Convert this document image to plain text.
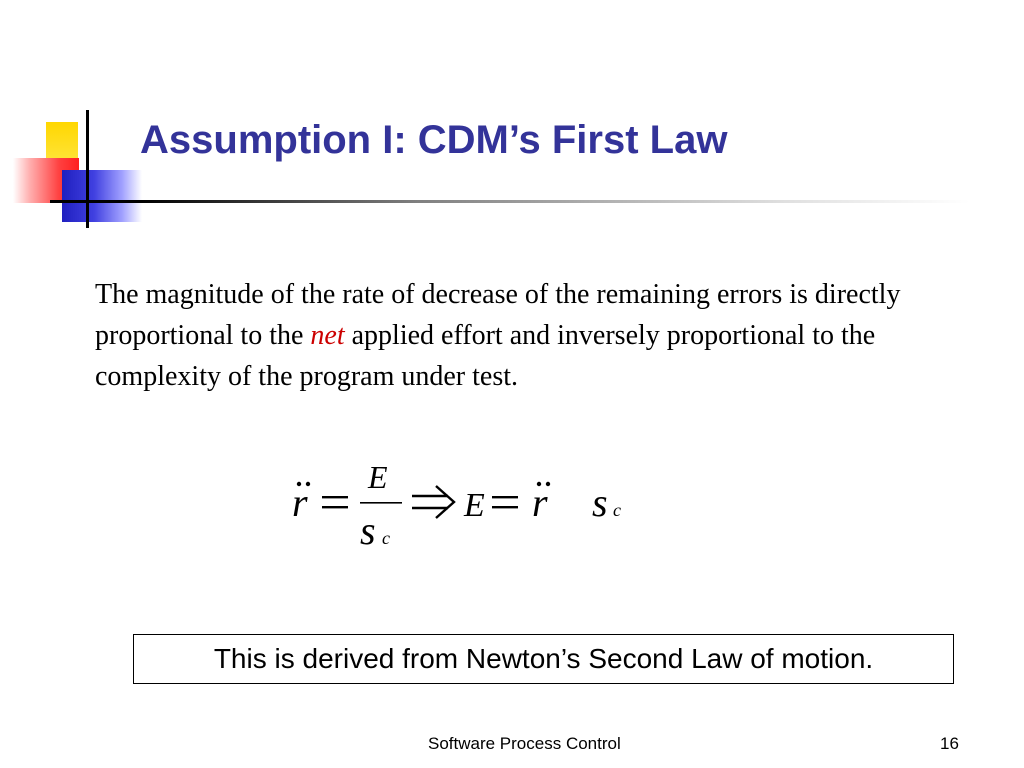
Assumption I: CDM’s First Law

The magnitude of the rate of decrease of the remaining errors is directly proportional to the net applied effort and inversely proportional to the complexity of the program under test.

r
E
s c
E r s c
This is derived from Newton’s Second Law of motion.
Software Process Control	16
